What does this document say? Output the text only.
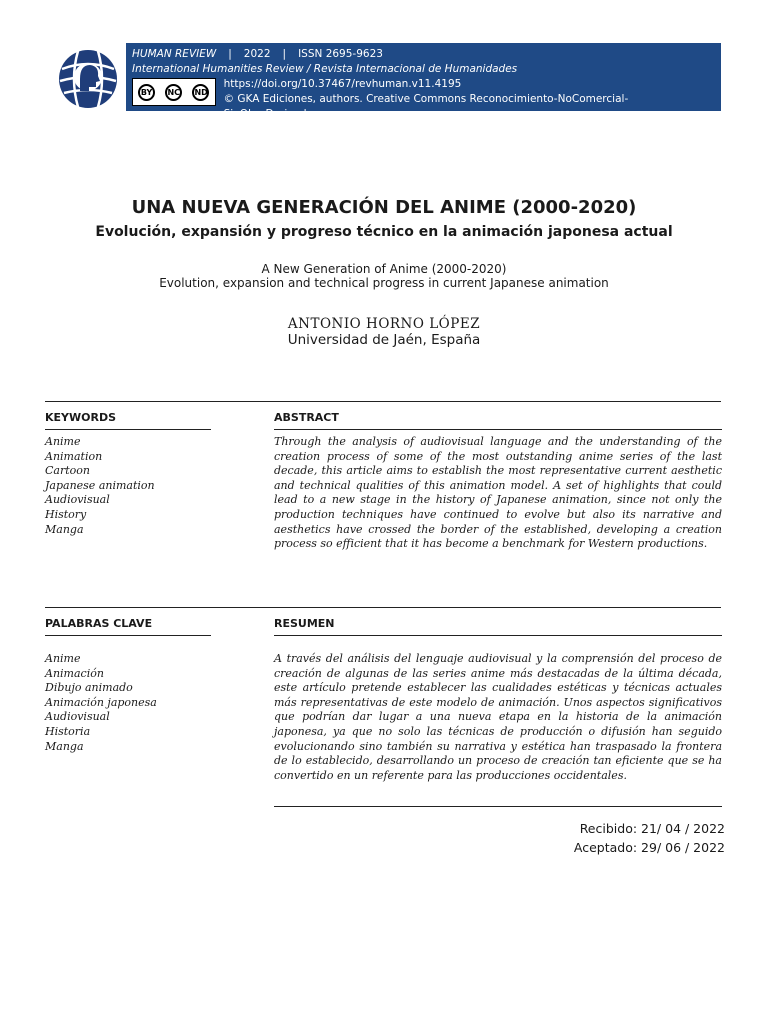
HUMAN REVIEW | 2022 | ISSN 2695-9623
International Humanities Review / Revista Internacional de Humanidades
BY	NC ND
https://doi.org/10.37467/revhuman.v11.4195
© GKA Ediciones, authors. Creative Commons Reconocimiento-NoComercial-SinObraDerivada
UNA NUEVA GENERACIÓN DEL ANIME (2000-2020)
Evolución, expansión y progreso técnico en la animación japonesa actual
A New Generation of Anime (2000-2020)
Evolution, expansion and technical progress in current Japanese animation
ANTONIO HORNO LÓPEZ
Universidad de Jaén, España
KEYWORDS	ABSTRACT
Anime
Animation
Cartoon
Japanese animation
Audiovisual
History
Manga
Through the analysis of audiovisual language and the understanding of the creation process of some of the most outstanding anime series of the last decade, this article aims to establish the most representative current aesthetic and technical qualities of this animation model. A set of highlights that could lead to a new stage in the history of Japanese animation, since not only the production techniques have continued to evolve but also its narrative and aesthetics have crossed the border of the established, developing a creation process so efficient that it has become a benchmark for Western productions.
PALABRAS CLAVE	RESUMEN
Anime
Animación
Dibujo animado
Animación japonesa
Audiovisual
Historia
Manga
A través del análisis del lenguaje audiovisual y la comprensión del proceso de creación de algunas de las series anime más destacadas de la última década, este artículo pretende establecer las cualidades estéticas y técnicas actuales más representativas de este modelo de animación. Unos aspectos significativos que podrían dar lugar a una nueva etapa en la historia de la animación japonesa, ya que no solo las técnicas de producción o difusión han seguido evolucionando sino también su narrativa y estética han traspasado la frontera de lo establecido, desarrollando un proceso de creación tan eficiente que se ha convertido en un referente para las producciones occidentales.
Recibido: 21/ 04 / 2022
Aceptado: 29/ 06 / 2022
